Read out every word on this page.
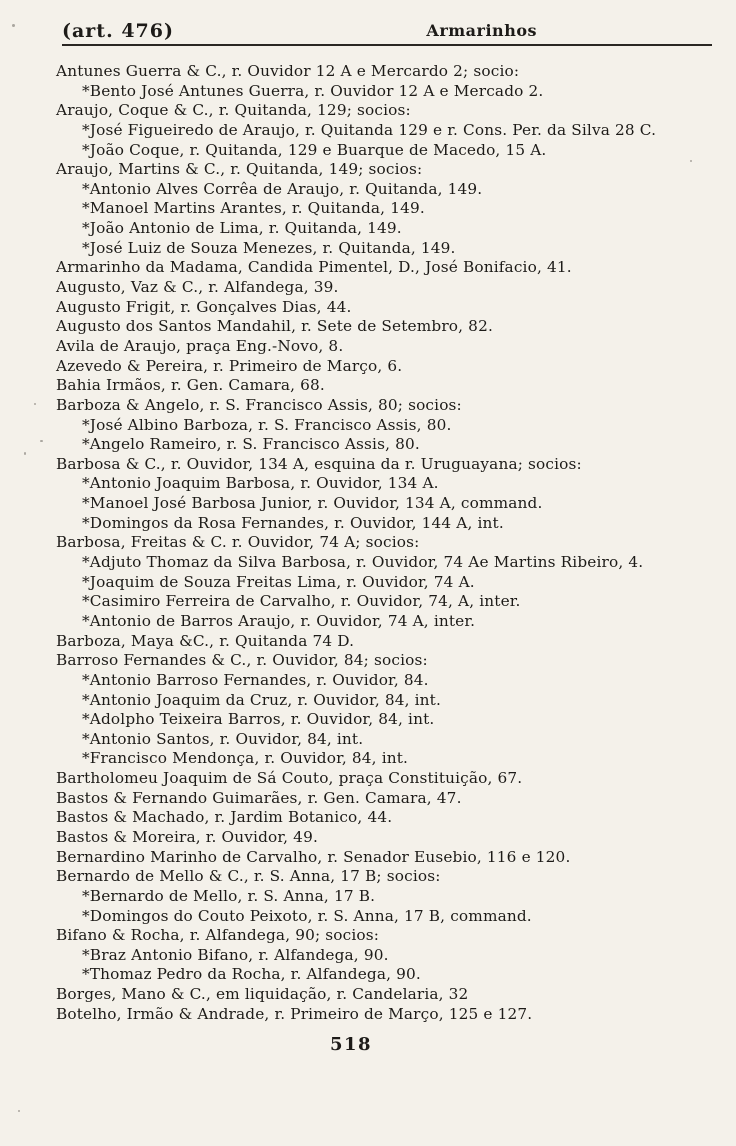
(art. 476)	Armarinhos
Antunes Guerra & C., r. Ouvidor 12 A e Mercardo 2; socio:
*Bento José Antunes Guerra, r. Ouvidor 12 A e Mercado 2.
Araujo, Coque & C., r. Quitanda, 129; socios:
*José Figueiredo de Araujo, r. Quitanda 129 e r. Cons. Per. da Silva 28 C.
*João Coque, r. Quitanda, 129 e Buarque de Macedo, 15 A.
Araujo, Martins & C., r. Quitanda, 149; socios:
*Antonio Alves Corrêa de Araujo, r. Quitanda, 149.
*Manoel Martins Arantes, r. Quitanda, 149.
*João Antonio de Lima, r. Quitanda, 149.
*José Luiz de Souza Menezes, r. Quitanda, 149.
Armarinho da Madama, Candida Pimentel, D., José Bonifacio, 41.
Augusto, Vaz & C., r. Alfandega, 39.
Augusto Frigit, r. Gonçalves Dias, 44.
Augusto dos Santos Mandahil, r. Sete de Setembro, 82.
Avila de Araujo, praça Eng.-Novo, 8.
Azevedo & Pereira, r. Primeiro de Março, 6.
Bahia Irmãos, r. Gen. Camara, 68.
Barboza & Angelo, r. S. Francisco Assis, 80; socios:
*José Albino Barboza, r. S. Francisco Assis, 80.
*Angelo Rameiro, r. S. Francisco Assis, 80.
Barbosa & C., r. Ouvidor, 134 A, esquina da r. Uruguayana; socios:
*Antonio Joaquim Barbosa, r. Ouvidor, 134 A.
*Manoel José Barbosa Junior, r. Ouvidor, 134 A, command.
*Domingos da Rosa Fernandes, r. Ouvidor, 144 A, int.
Barbosa, Freitas & C. r. Ouvidor, 74 A; socios:
*Adjuto Thomaz da Silva Barbosa, r. Ouvidor, 74 Ae Martins Ribeiro, 4.
*Joaquim de Souza Freitas Lima, r. Ouvidor, 74 A.
*Casimiro Ferreira de Carvalho, r. Ouvidor, 74, A, inter.
*Antonio de Barros Araujo, r. Ouvidor, 74 A, inter.
Barboza, Maya &C., r. Quitanda 74 D.
Barroso Fernandes & C., r. Ouvidor, 84; socios:
*Antonio Barroso Fernandes, r. Ouvidor, 84.
*Antonio Joaquim da Cruz, r. Ouvidor, 84, int.
*Adolpho Teixeira Barros, r. Ouvidor, 84, int.
*Antonio Santos, r. Ouvidor, 84, int.
*Francisco Mendonça, r. Ouvidor, 84, int.
Bartholomeu Joaquim de Sá Couto, praça Constituição, 67.
Bastos & Fernando Guimarães, r. Gen. Camara, 47.
Bastos & Machado, r. Jardim Botanico, 44.
Bastos & Moreira, r. Ouvidor, 49.
Bernardino Marinho de Carvalho, r. Senador Eusebio, 116 e 120.
Bernardo de Mello & C., r. S. Anna, 17 B; socios:
*Bernardo de Mello, r. S. Anna, 17 B.
*Domingos do Couto Peixoto, r. S. Anna, 17 B, command.
Bifano & Rocha, r. Alfandega, 90; socios:
*Braz Antonio Bifano, r. Alfandega, 90.
*Thomaz Pedro da Rocha, r. Alfandega, 90.
Borges, Mano & C., em liquidação, r. Candelaria, 32
Botelho, Irmão & Andrade, r. Primeiro de Março, 125 e 127.
518
